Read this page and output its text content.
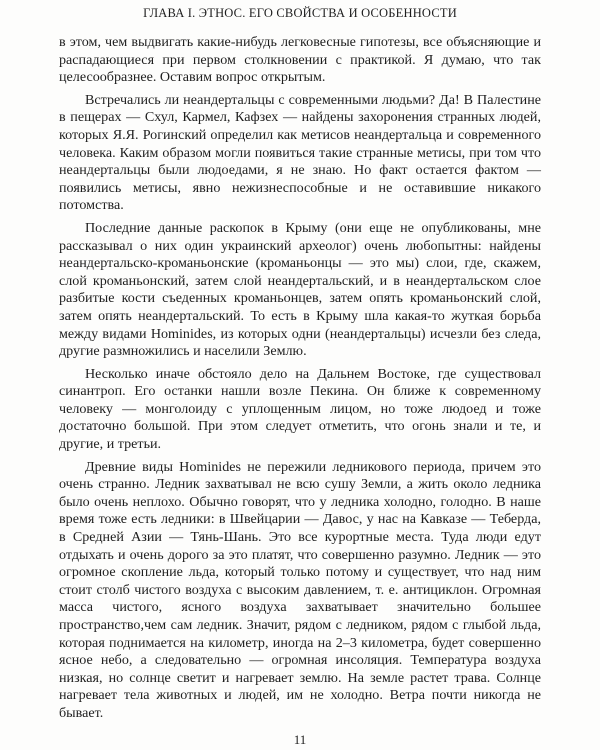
ГЛАВА I. ЭТНОС. ЕГО СВОЙСТВА И ОСОБЕННОСТИ

в этом, чем выдвигать какие-нибудь легковесные гипотезы, все объясняющие и распадающиеся при первом столкновении с практикой. Я думаю, что так целесообразнее. Оставим вопрос открытым.

Встречались ли неандертальцы с современными людьми? Да! В Палестине в пещерах — Схул, Кармел, Кафзех — найдены захоронения странных людей, которых Я.Я. Рогинский определил как метисов неандертальца и современного человека. Каким образом могли появиться такие странные метисы, при том что неандертальцы были людоедами, я не знаю. Но факт остается фактом — появились метисы, явно нежизнеспособные и не оставившие никакого потомства.

Последние данные раскопок в Крыму (они еще не опубликованы, мне рассказывал о них один украинский археолог) очень любопытны: найдены неандертальско-кроманьонские (кроманьонцы — это мы) слои, где, скажем, слой кроманьонский, затем слой неандертальский, и в неандертальском слое разбитые кости съеденных кроманьонцев, затем опять кроманьонский слой, затем опять неандертальский. То есть в Крыму шла какая-то жуткая борьба между видами Hominides, из которых одни (неандертальцы) исчезли без следа, другие размножились и населили Землю.

Несколько иначе обстояло дело на Дальнем Востоке, где существовал синантроп. Его останки нашли возле Пекина. Он ближе к современному человеку — монголоиду с уплощенным лицом, но тоже людоед и тоже достаточно большой. При этом следует отметить, что огонь знали и те, и другие, и третьи.

Древние виды Hominides не пережили ледникового периода, причем это очень странно. Ледник захватывал не всю сушу Земли, а жить около ледника было очень неплохо. Обычно говорят, что у ледника холодно, голодно. В наше время тоже есть ледники: в Швейцарии — Давос, у нас на Кавказе — Теберда, в Средней Азии — Тянь-Шань. Это все курортные места. Туда люди едут отдыхать и очень дорого за это платят, что совершенно разумно. Ледник — это огромное скопление льда, который только потому и существует, что над ним стоит столб чистого воздуха с высоким давлением, т. е. антициклон. Огромная масса чистого, ясного воздуха захватывает значительно большее пространство,чем сам ледник. Значит, рядом с ледником, рядом с глыбой льда, которая поднимается на километр, иногда на 2–3 километра, будет совершенно ясное небо, а следовательно — огромная инсоляция. Температура воздуха низкая, но солнце светит и нагревает землю. На земле растет трава. Солнце нагревает тела животных и людей, им не холодно. Ветра почти никогда не бывает.

11
